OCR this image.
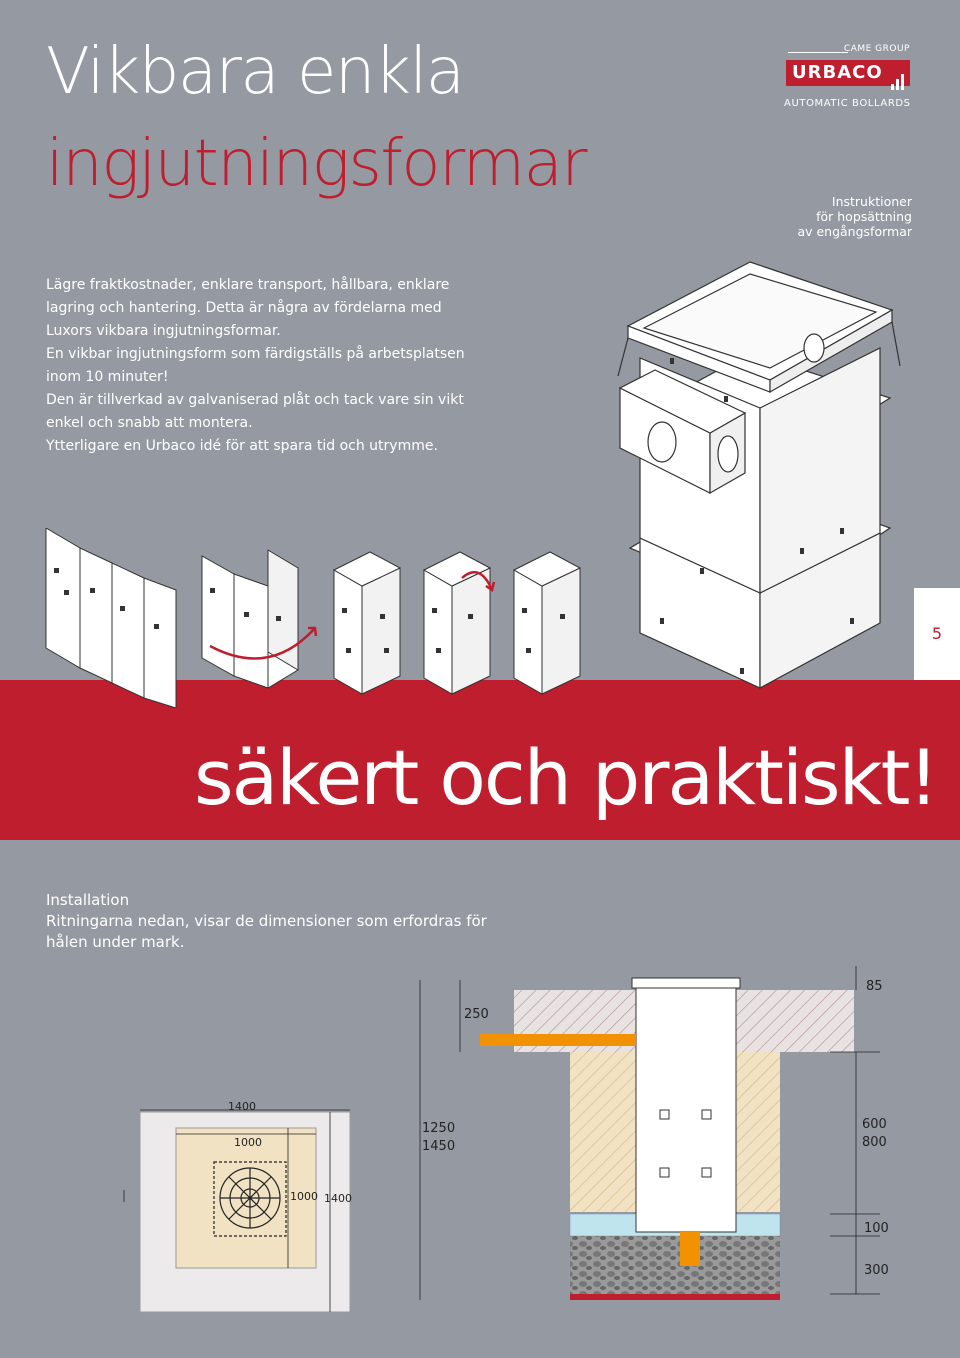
Vikbara enkla
ingjutningsformar
CAME GROUP
URBACO
AUTOMATIC BOLLARDS
Instruktioner
för hopsättning
av engångsformar

Lägre fraktkostnader, enklare transport, hållbara, enklare lagring och hantering. Detta är några av fördelarna med Luxors vikbara ingjutningsformar.

En vikbar ingjutningsform som färdigställs på arbetsplatsen inom 10 minuter!

Den är tillverkad av galvaniserad plåt och tack vare sin vikt enkel och snabb att montera.

Ytterligare en Urbaco idé för att spara tid och utrymme.

säkert och praktiskt!
5

Installation

Ritningarna nedan, visar de dimensioner som erfordras för hålen under mark.

1400
1000
1000 1400
250
85
1250
1450
600
800
100
300
